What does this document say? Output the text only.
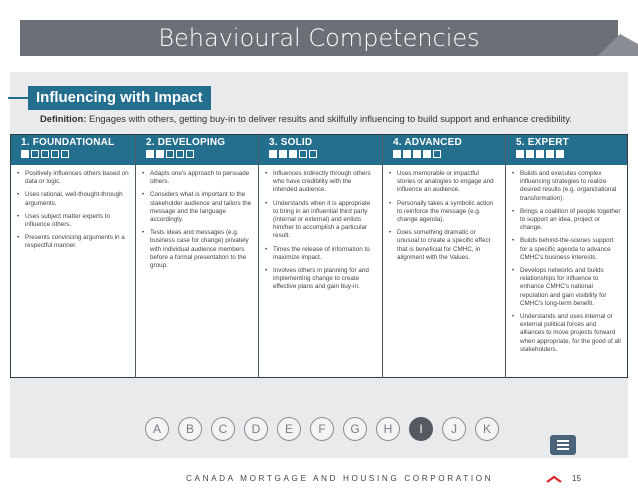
Behavioural Competencies
Influencing with Impact
Definition: Engages with others, getting buy-in to deliver results and skilfully influencing to build support and enhance credibility.
1. FOUNDATIONAL
• Positively influences others based on data or logic.
• Uses rational, well-thought-through arguments.
• Uses subject matter experts to influence others.
• Presents convincing arguments in a respectful manner.
2. DEVELOPING
• Adapts one's approach to persuade others.
• Considers what is important to the stakeholder audience and tailors the message and the language accordingly.
• Tests ideas and messages (e.g. business case for change) privately with individual audience members before a formal presentation to the group.
3. SOLID
• Influences indirectly through others who have credibility with the intended audience.
• Understands when it is appropriate to bring in an influential third party (internal or external) and enlists him/her to accomplish a particular result.
• Times the release of information to maximize impact.
• Involves others in planning for and implementing change to create effective plans and gain buy-in.
4. ADVANCED
• Uses memorable or impactful stories or analogies to engage and influence an audience.
• Personally takes a symbolic action to reinforce the message (e.g. change agenda).
• Does something dramatic or unusual to create a specific effect that is beneficial for CMHC, in alignment with the Values.
5. EXPERT
• Builds and executes complex influencing strategies to realize desired results (e.g. organizational transformation).
• Brings a coalition of people together to support an idea, project or change.
• Builds behind-the-scenes support for a specific agenda to advance CMHC's business interests.
• Develops networks and builds relationships for influence to enhance CMHC's national reputation and gain visibility for CMHC's long-term benefit.
• Understands and uses internal or external political forces and alliances to move projects forward when appropriate, for the good of all stakeholders.
A	B	C	D	E	F	G	H	I	J	K
CANADA MORTGAGE AND HOUSING CORPORATION	15
